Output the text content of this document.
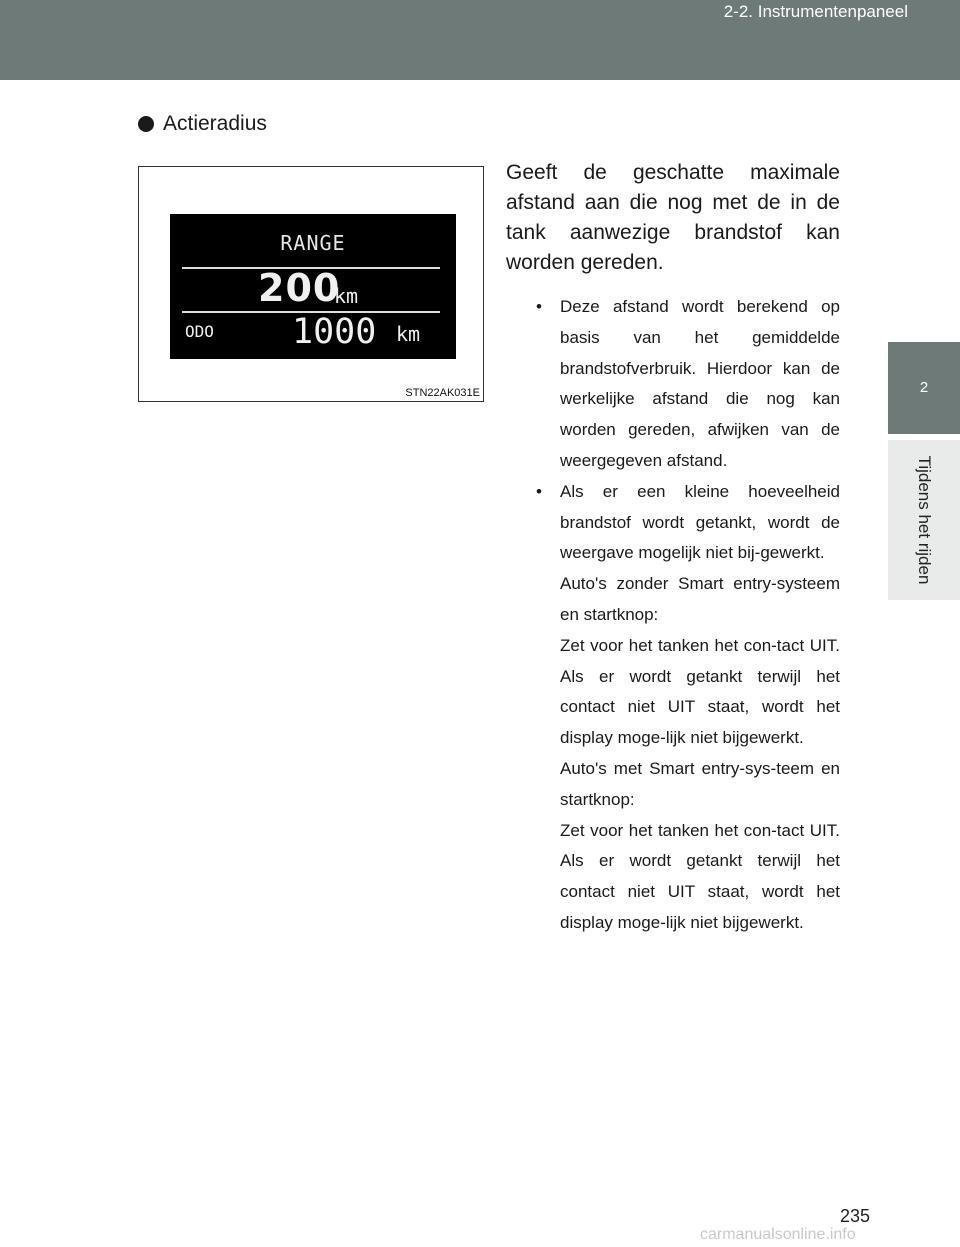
2-2. Instrumentenpaneel
2
Tijdens het rijden
Actieradius
RANGE
200
km
ODO 1000 km
STN22AK031E
Geeft de geschatte maximale afstand aan die nog met de in de tank aanwezige brandstof kan worden gereden.
• Deze afstand wordt berekend op basis van het gemiddelde brandstofverbruik. Hierdoor kan de werkelijke afstand die nog kan worden gereden, afwijken van de weergegeven afstand.
• Als er een kleine hoeveelheid brandstof wordt getankt, wordt de weergave mogelijk niet bij-gewerkt.
Auto's zonder Smart entry-systeem en startknop:
Zet voor het tanken het con-tact UIT. Als er wordt getankt terwijl het contact niet UIT staat, wordt het display moge-lijk niet bijgewerkt.
Auto's met Smart entry-sys-teem en startknop:
Zet voor het tanken het con-tact UIT. Als er wordt getankt terwijl het contact niet UIT staat, wordt het display moge-lijk niet bijgewerkt.
235
carmanualsonline.info
